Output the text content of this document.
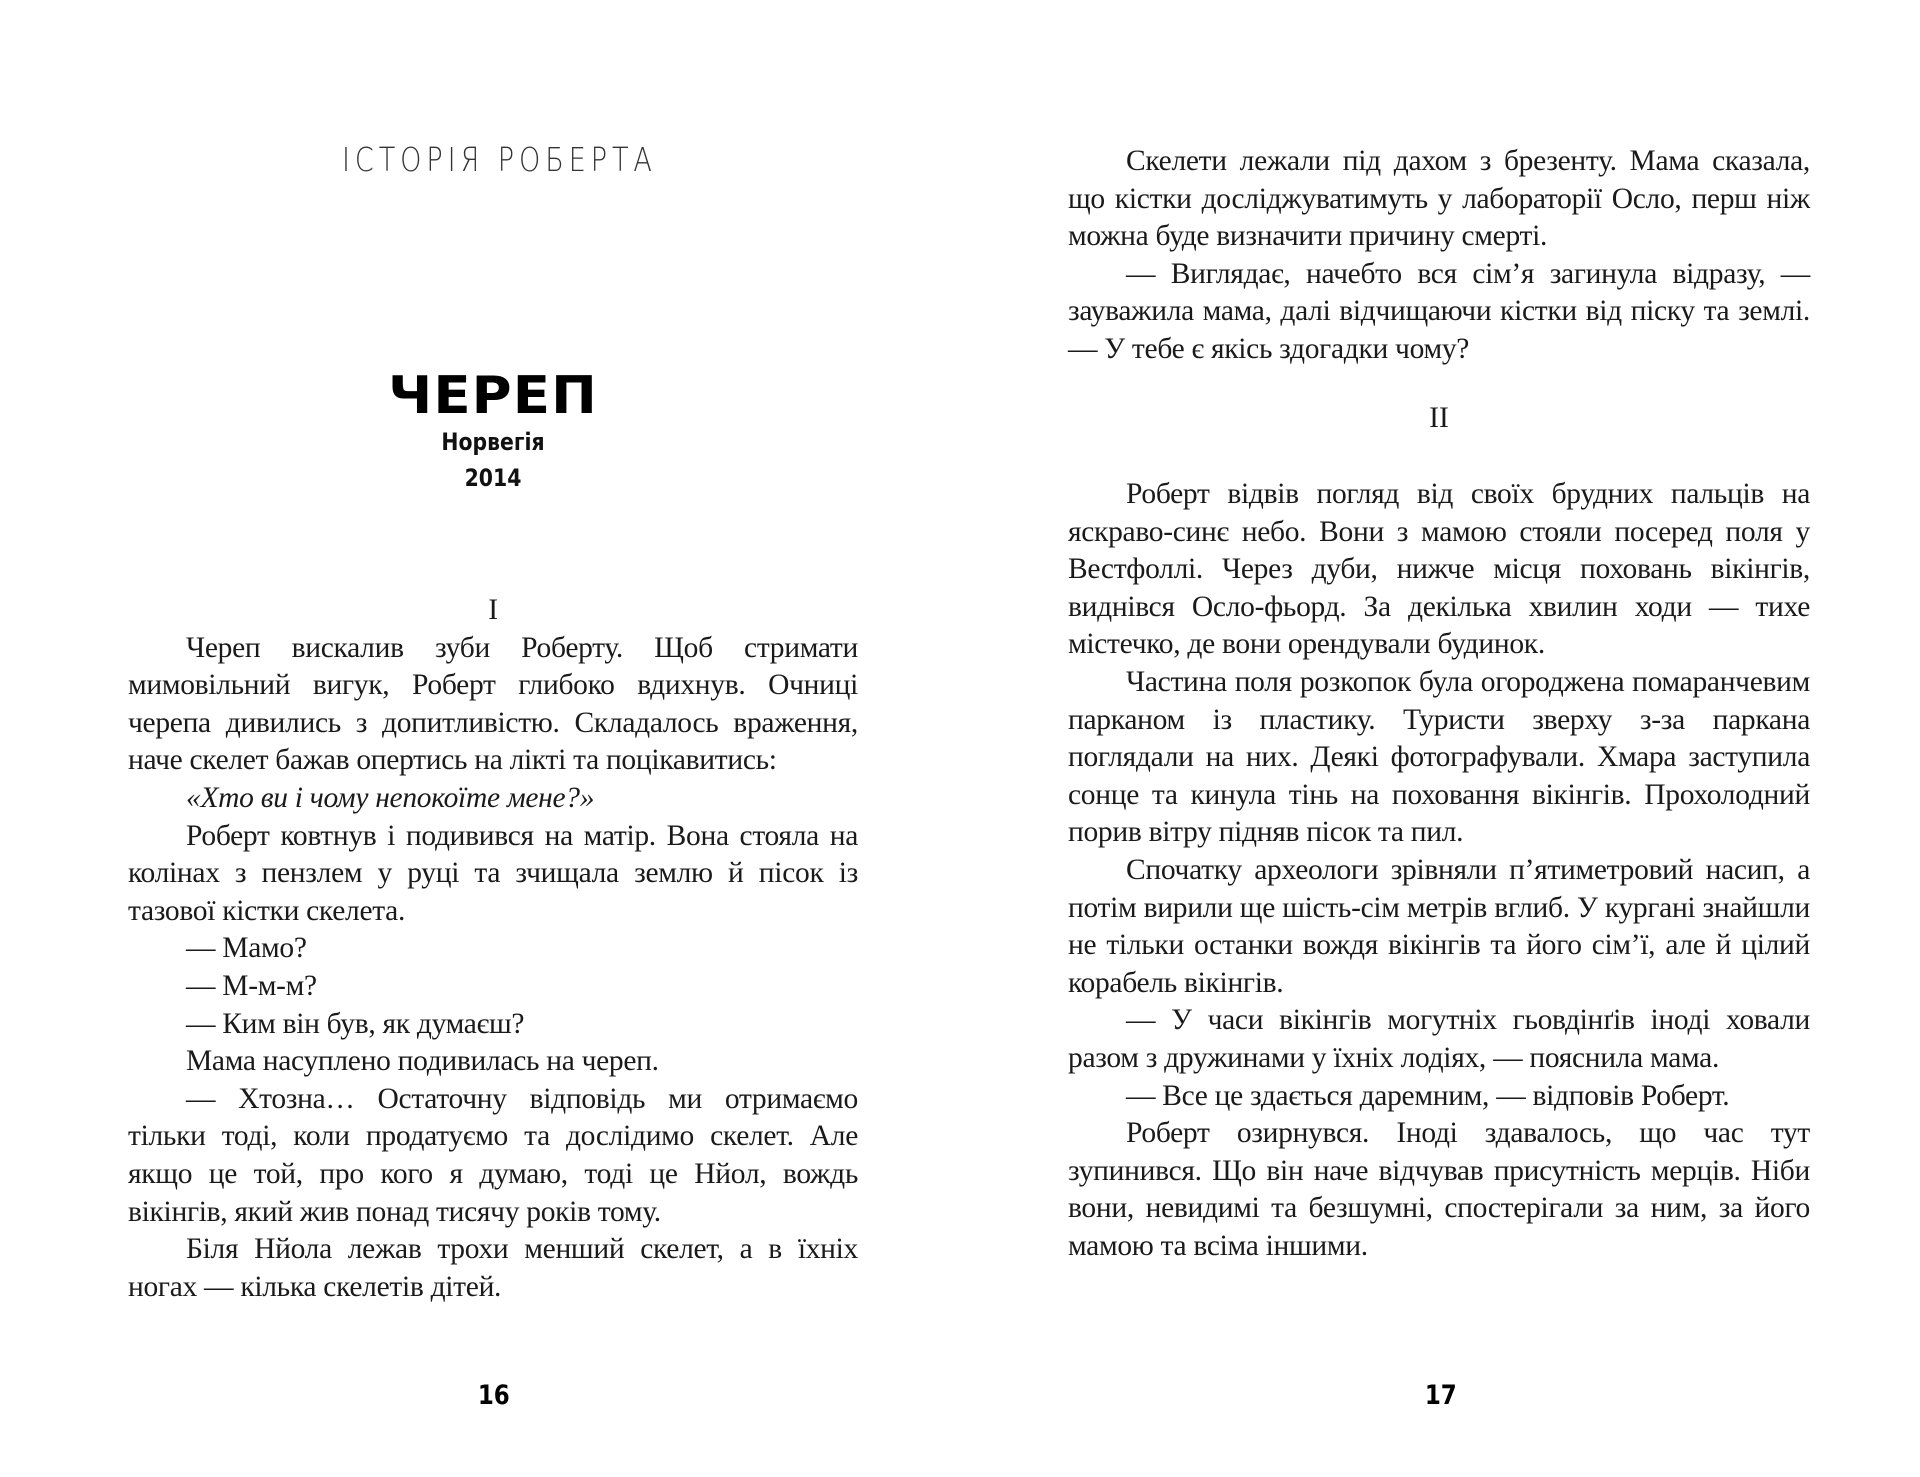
ІСТОРІЯ РОБЕРТА
ЧЕРЕП
Норвегія
2014

I

Череп вискалив зуби Роберту. Щоб стримати мимовільний вигук, Роберт глибоко вдихнув. Очниці черепа дивились з допитливістю. Складалось враження, наче скелет бажав опертись на лікті та поцікавитись:

«Хто ви і чому непокоїте мене?»

Роберт ковтнув і подивився на матір. Вона стояла на колінах з пензлем у руці та зчищала землю й пісок із тазової кістки скелета.

— Мамо?

— М-м-м?

— Ким він був, як думаєш?

Мама насуплено подивилась на череп.

— Хтозна… Остаточну відповідь ми отримаємо тільки тоді, коли продатуємо та дослідимо скелет. Але якщо це той, про кого я думаю, тоді це Нйол, вождь вікінгів, який жив понад тисячу років тому.

Біля Нйола лежав трохи менший скелет, а в їхніх ногах — кілька скелетів дітей.

Скелети лежали під дахом з брезенту. Мама сказала, що кістки досліджуватимуть у лабораторії Осло, перш ніж можна буде визначити причину смерті.

— Виглядає, начебто вся сім’я загинула відразу, — зауважила мама, далі відчищаючи кістки від піску та землі. — У тебе є якісь здогадки чому?

II

Роберт відвів погляд від своїх брудних пальців на яскраво-синє небо. Вони з мамою стояли посеред поля у Вестфоллі. Через дуби, нижче місця поховань вікінгів, виднівся Осло-фьорд. За декілька хвилин ходи — тихе містечко, де вони орендували будинок.

Частина поля розкопок була огороджена помаранчевим парканом із пластику. Туристи зверху з-за паркана поглядали на них. Деякі фотографували. Хмара заступила сонце та кинула тінь на поховання вікінгів. Прохолодний порив вітру підняв пісок та пил.

Спочатку археологи зрівняли п’ятиметровий насип, а потім вирили ще шість-сім метрів вглиб. У кургані знайшли не тільки останки вождя вікінгів та його сім’ї, але й цілий корабель вікінгів.

— У часи вікінгів могутніх гьовдінґів іноді ховали разом з дружинами у їхніх лодіях, — пояснила мама.

— Все це здається даремним, — відповів Роберт.

Роберт озирнувся. Іноді здавалось, що час тут зупинився. Що він наче відчував присутність мерців. Ніби вони, невидимі та безшумні, спостерігали за ним, за його мамою та всіма іншими.

16	17
